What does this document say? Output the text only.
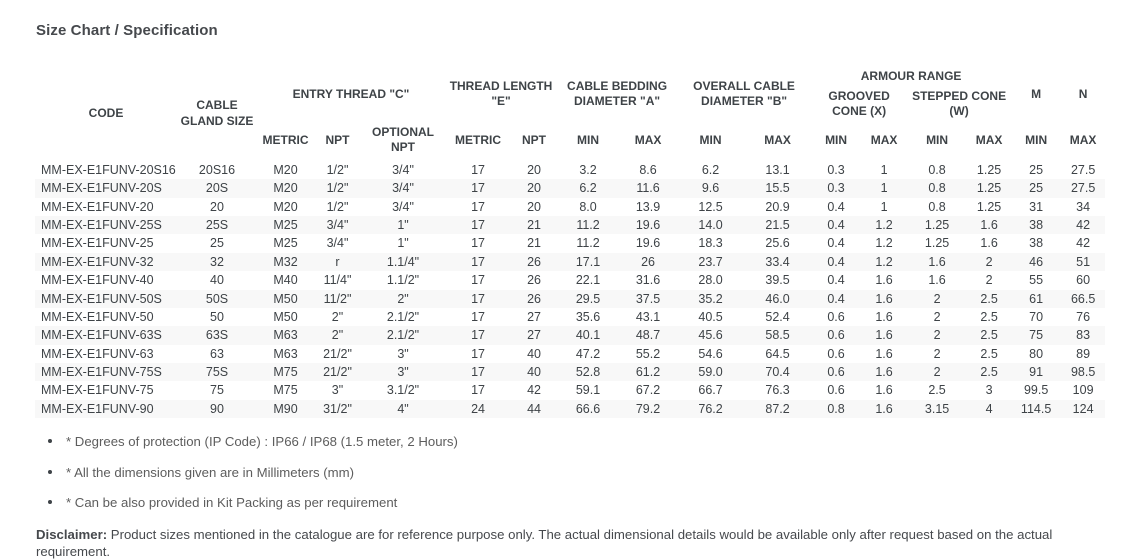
Size Chart / Specification
CODE	CABLE GLAND SIZE	ENTRY THREAD "C"			THREAD LENGTH "E"		CABLE BEDDING DIAMETER "A"		OVERALL CABLE DIAMETER "B"		ARMOUR RANGE				M	N
											GROOVED CONE (X)		STEPPED CONE (W)			
		METRIC	NPT	OPTIONAL NPT	METRIC	NPT	MIN	MAX	MIN	MAX	MIN	MAX	MIN	MAX	MIN	MAX
MM-EX-E1FUNV-20S16	20S16	M20	1/2"	3/4"	17	20	3.2	8.6	6.2	13.1	0.3	1	0.8	1.25	25	27.5
MM-EX-E1FUNV-20S	20S	M20	1/2"	3/4"	17	20	6.2	11.6	9.6	15.5	0.3	1	0.8	1.25	25	27.5
MM-EX-E1FUNV-20	20	M20	1/2"	3/4"	17	20	8.0	13.9	12.5	20.9	0.4	1	0.8	1.25	31	34
MM-EX-E1FUNV-25S	25S	M25	3/4"	1"	17	21	11.2	19.6	14.0	21.5	0.4	1.2	1.25	1.6	38	42
MM-EX-E1FUNV-25	25	M25	3/4"	1"	17	21	11.2	19.6	18.3	25.6	0.4	1.2	1.25	1.6	38	42
MM-EX-E1FUNV-32	32	M32	r	1.1/4"	17	26	17.1	26	23.7	33.4	0.4	1.2	1.6	2	46	51
MM-EX-E1FUNV-40	40	M40	11/4"	1.1/2"	17	26	22.1	31.6	28.0	39.5	0.4	1.6	1.6	2	55	60
MM-EX-E1FUNV-50S	50S	M50	11/2"	2"	17	26	29.5	37.5	35.2	46.0	0.4	1.6	2	2.5	61	66.5
MM-EX-E1FUNV-50	50	M50	2"	2.1/2"	17	27	35.6	43.1	40.5	52.4	0.6	1.6	2	2.5	70	76
MM-EX-E1FUNV-63S	63S	M63	2"	2.1/2"	17	27	40.1	48.7	45.6	58.5	0.6	1.6	2	2.5	75	83
MM-EX-E1FUNV-63	63	M63	21/2"	3"	17	40	47.2	55.2	54.6	64.5	0.6	1.6	2	2.5	80	89
MM-EX-E1FUNV-75S	75S	M75	21/2"	3"	17	40	52.8	61.2	59.0	70.4	0.6	1.6	2	2.5	91	98.5
MM-EX-E1FUNV-75	75	M75	3"	3.1/2"	17	42	59.1	67.2	66.7	76.3	0.6	1.6	2.5	3	99.5	109
MM-EX-E1FUNV-90	90	M90	31/2"	4"	24	44	66.6	79.2	76.2	87.2	0.8	1.6	3.15	4	114.5	124
* Degrees of protection (IP Code) : IP66 / IP68 (1.5 meter, 2 Hours)
* All the dimensions given are in Millimeters (mm)
* Can be also provided in Kit Packing as per requirement

Disclaimer: Product sizes mentioned in the catalogue are for reference purpose only. The actual dimensional details would be available only after request based on the actual requirement.
